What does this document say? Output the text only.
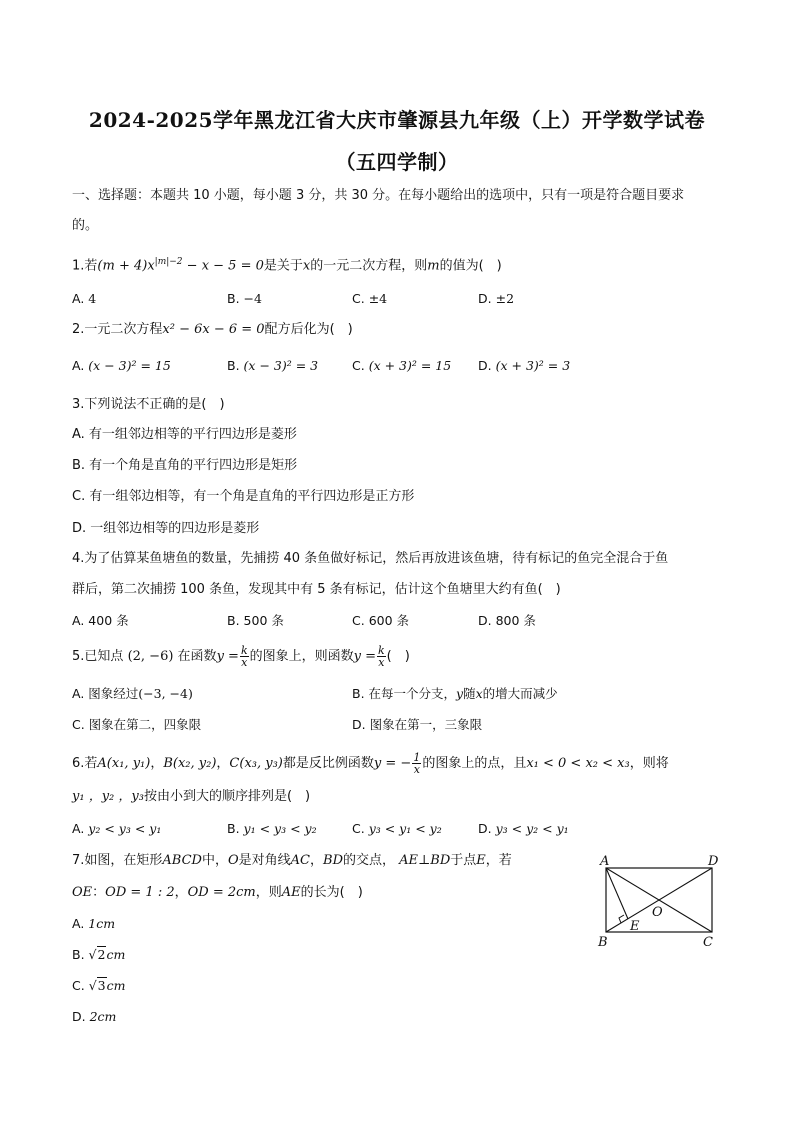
2024-2025学年黑龙江省大庆市肇源县九年级（上）开学数学试卷
（五四学制）
一、选择题：本题共 10 小题，每小题 3 分，共 30 分。在每小题给出的选项中，只有一项是符合题目要求
的。
1.若$(m + 4)x^{|m|-2} - x - 5 = 0$是关于x的一元二次方程，则m的值为(　)
A. 4	B. −4	C. ±4	D. ±2
2.一元二次方程x² − 6x − 6 = 0配方后化为(　)
A. (x − 3)² = 15	B. (x − 3)² = 3	C. (x + 3)² = 15 D. (x + 3)² = 3
3.下列说法不正确的是(　)
A. 有一组邻边相等的平行四边形是菱形
B. 有一个角是直角的平行四边形是矩形
C. 有一组邻边相等，有一个角是直角的平行四边形是正方形
D. 一组邻边相等的四边形是菱形
4.为了估算某鱼塘鱼的数量，先捕捞 40 条鱼做好标记，然后再放进该鱼塘，待有标记的鱼完全混合于鱼
群后，第二次捕捞 100 条鱼，发现其中有 5 条有标记，估计这个鱼塘里大约有鱼(　)
A. 400 条	B. 500 条	C. 600 条	D. 800 条
5.已知点 (2, −6) 在函数$y = \frac{k}{x}$ 的图象上，则函数$y = \frac{k}{x}$ (　)
A. 图象经过(−3, −4)	B. 在每一个分支，y随x的增大而减少
C. 图象在第二，四象限	D. 图象在第一，三象限
6.若A(x₁, y₁)，B(x₂, y₂)，C(x₃, y₃)都是反比例函数y = − $\frac{1}{x}$ 的图象上的点，且x₁ < 0 < x₂ < x₃，则将
y₁ ，y₂ ，y₃按由小到大的顺序排列是(　)
A. y₂ < y₃ < y₁	B. y₁ < y₃ < y₂	C. y₃ < y₁ < y₂	D. y₃ < y₂ < y₁
7.如图，在矩形ABCD中，O是对角线AC，BD的交点， AE⊥BD于点E，若
OE：OD = 1 : 2，OD = 2cm，则AE的长为(　)
A. 1cm
B. √2cm
C. √3cm
D. 2cm
A	D
B	C
E
O
